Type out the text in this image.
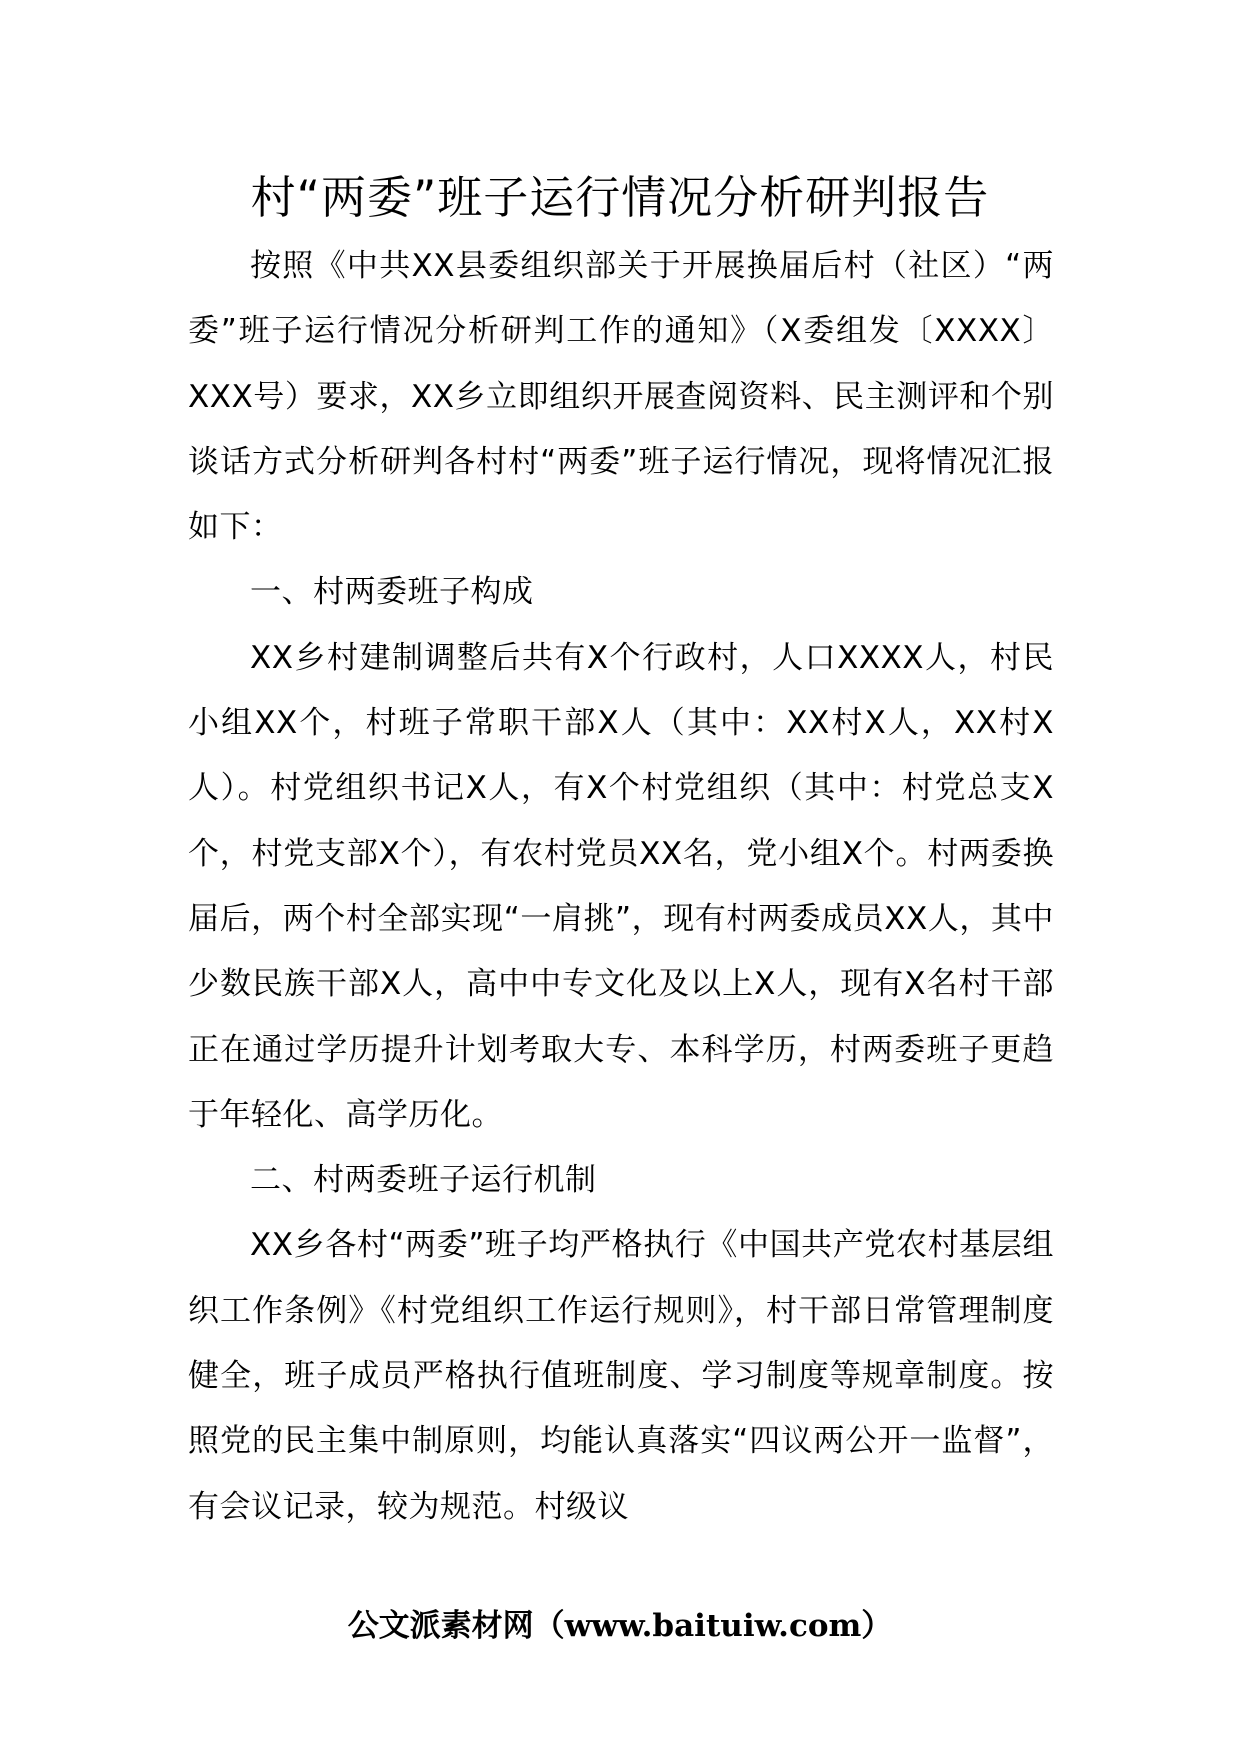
村“两委”班子运行情况分析研判报告

按照《中共XX县委组织部关于开展换届后村（社区）“两委”班子运行情况分析研判工作的通知》（X委组发〔XXXX〕XXX号）要求，XX乡立即组织开展查阅资料、民主测评和个别谈话方式分析研判各村村“两委”班子运行情况，现将情况汇报如下：

一、村两委班子构成

XX乡村建制调整后共有X个行政村，人口XXXX人，村民小组XX个，村班子常职干部X人（其中：XX村X人，XX村X人）。村党组织书记X人，有X个村党组织（其中：村党总支X个，村党支部X个），有农村党员XX名，党小组X个。村两委换届后，两个村全部实现“一肩挑”，现有村两委成员XX人，其中少数民族干部X人，高中中专文化及以上X人，现有X名村干部正在通过学历提升计划考取大专、本科学历，村两委班子更趋于年轻化、高学历化。

二、村两委班子运行机制

XX乡各村“两委”班子均严格执行《中国共产党农村基层组织工作条例》《村党组织工作运行规则》，村干部日常管理制度健全，班子成员严格执行值班制度、学习制度等规章制度。按照党的民主集中制原则，均能认真落实“四议两公开一监督”，有会议记录，较为规范。村级议

公文派素材网（www.baituiw.com）
